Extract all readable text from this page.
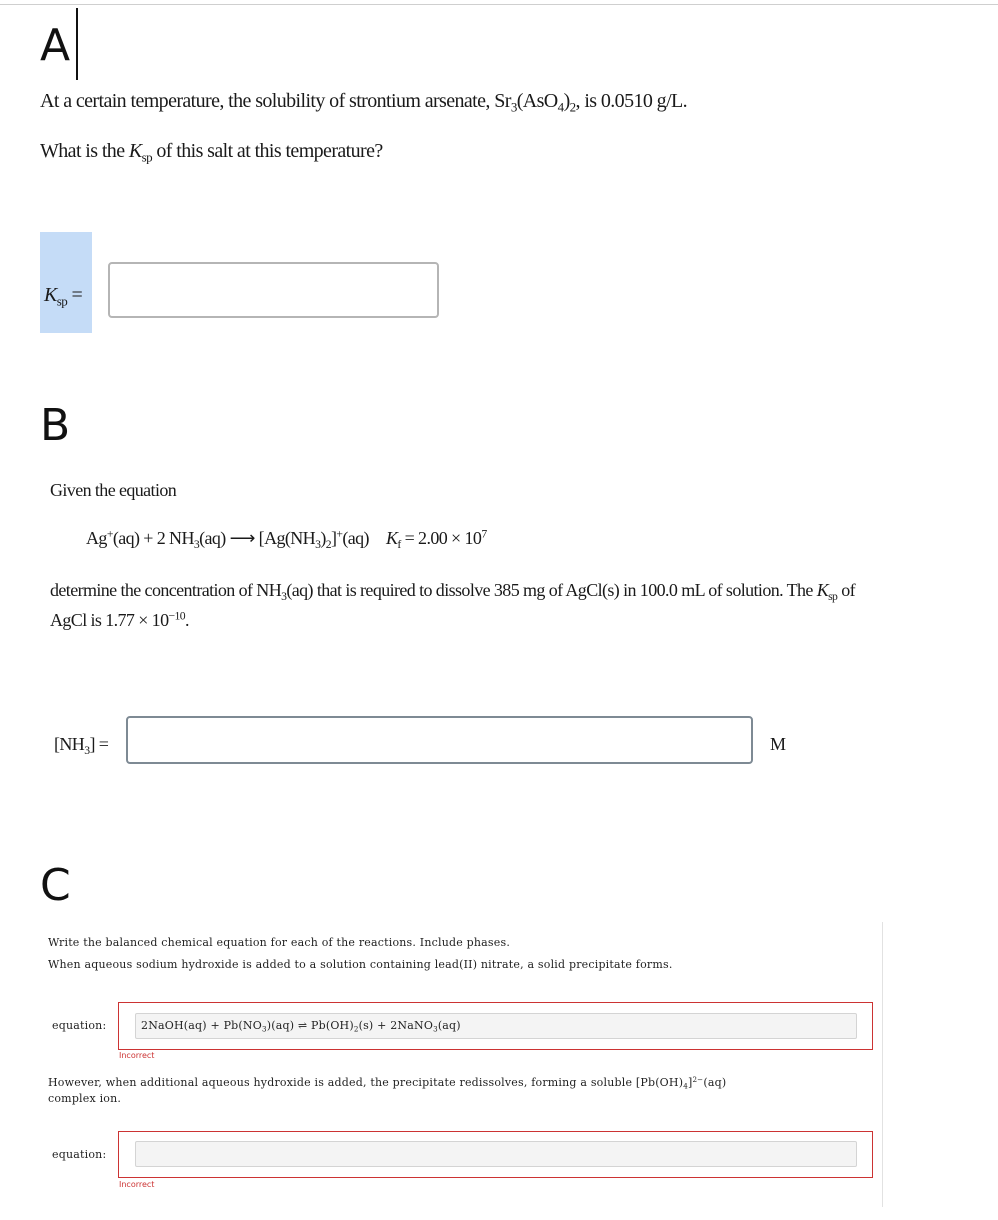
A
At a certain temperature, the solubility of strontium arsenate, $Sr_3(AsO_4)_2$, is 0.0510 g/L.
What is the $K_{sp}$ of this salt at this temperature?
$K_{sp}$ =
B
Given the equation
Ag+(aq) + 2 $NH_3(aq)$ ⟶ $[Ag(NH_3)_2]^+(aq) K_f = 2.00 \times 10^7$
determine the concentration of $NH_3(aq)$ that is required to dissolve 385 mg of AgCl(s) in 100.0 mL of solution. The $K_{sp}$ of
AgCl is $1.77 \times 10^{-10}$.
$[NH_3]$ =	M
C
Write the balanced chemical equation for each of the reactions. Include phases.
When aqueous sodium hydroxide is added to a solution containing lead(II) nitrate, a solid precipitate forms.
equation:	2NaOH(aq) + $Pb(NO_3)(aq)$ ⇌ $Pb(OH)_2(s)$ + 2NaNO$_3$(aq)
Incorrect
However, when additional aqueous hydroxide is added, the precipitate redissolves, forming a soluble $[Pb(OH)_4]^{2-}(aq)$
complex ion.
equation:
Incorrect
